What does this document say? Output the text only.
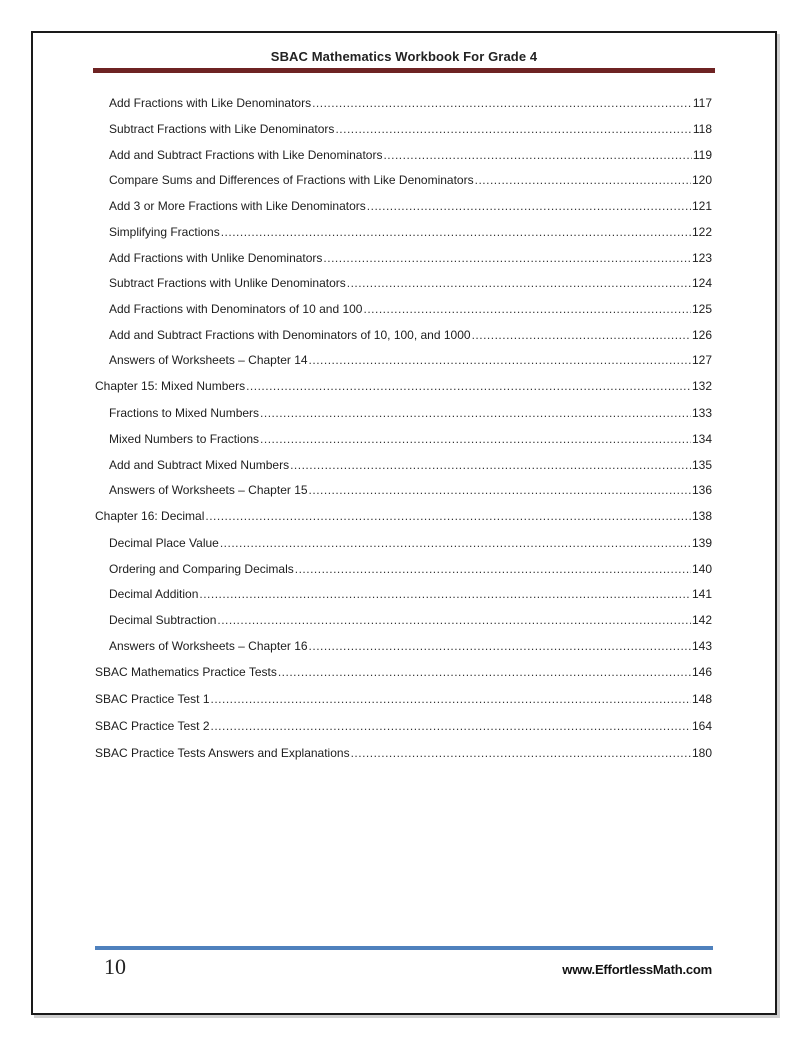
SBAC Mathematics Workbook For Grade 4
Add Fractions with Like Denominators .....	117
Subtract Fractions with Like Denominators .....	118
Add and Subtract Fractions with Like Denominators .....	119
Compare Sums and Differences of Fractions with Like Denominators .....	120
Add 3 or More Fractions with Like Denominators .....	121
Simplifying Fractions .....	122
Add Fractions with Unlike Denominators .....	123
Subtract Fractions with Unlike Denominators .....	124
Add Fractions with Denominators of 10 and 100 .....	125
Add and Subtract Fractions with Denominators of 10, 100, and 1000 .....	126
Answers of Worksheets – Chapter 14 .....	127
Chapter 15: Mixed Numbers .....	132
Fractions to Mixed Numbers .....	133
Mixed Numbers to Fractions .....	134
Add and Subtract Mixed Numbers .....	135
Answers of Worksheets – Chapter 15 .....	136
Chapter 16: Decimal .....	138
Decimal Place Value .....	139
Ordering and Comparing Decimals .....	140
Decimal Addition .....	141
Decimal Subtraction .....	142
Answers of Worksheets – Chapter 16 .....	143
SBAC Mathematics Practice Tests .....	146
SBAC Practice Test 1 .....	148
SBAC Practice Test 2 .....	164
SBAC Practice Tests Answers and Explanations .....	180
10	www.EffortlessMath.com
